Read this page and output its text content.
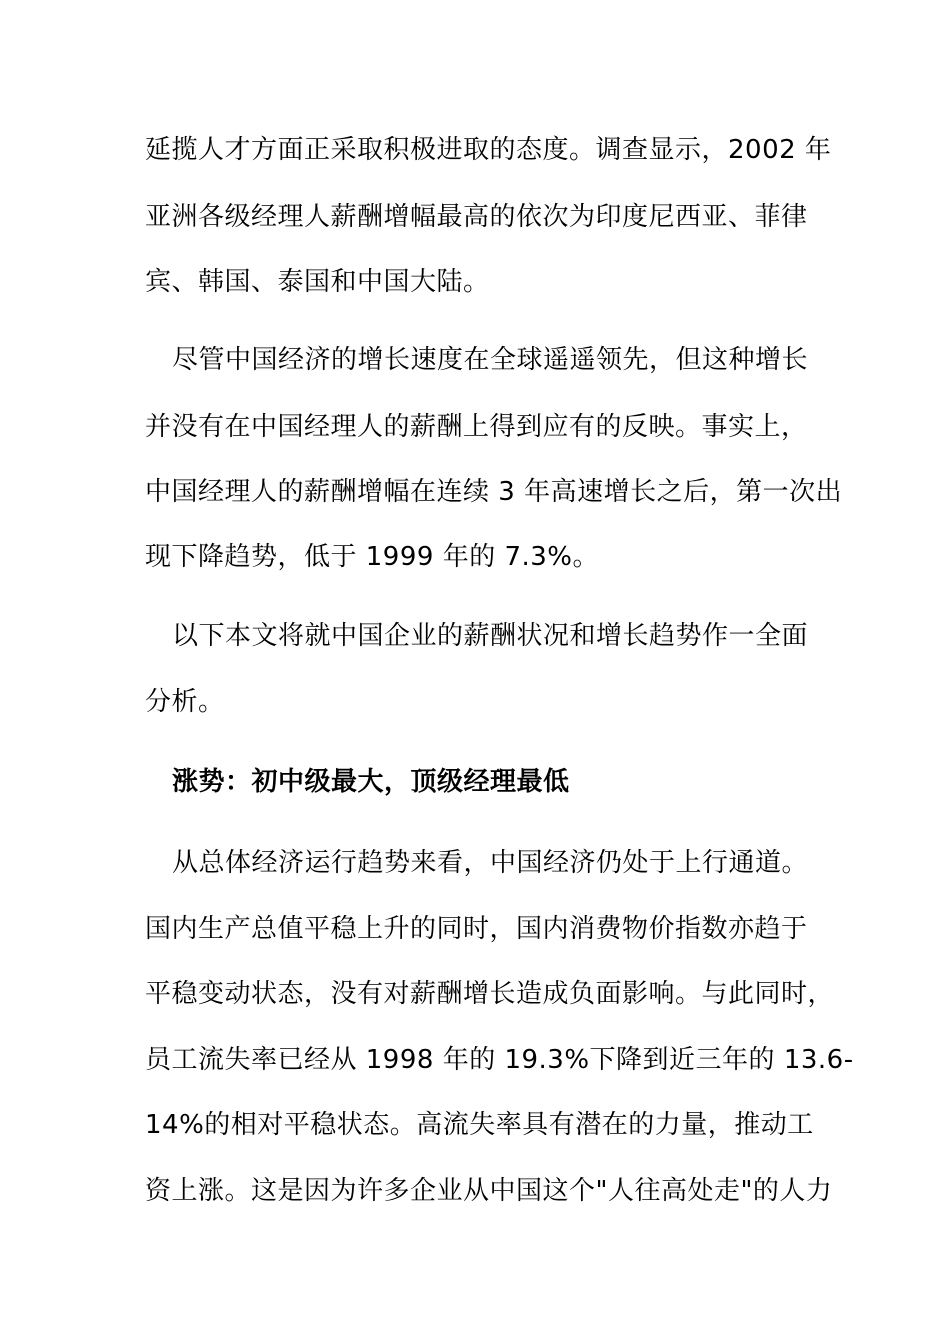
延揽人才方面正采取积极进取的态度。调查显示，2002 年
亚洲各级经理人薪酬增幅最高的依次为印度尼西亚、菲律
宾、韩国、泰国和中国大陆。
尽管中国经济的增长速度在全球遥遥领先，但这种增长
并没有在中国经理人的薪酬上得到应有的反映。事实上，
中国经理人的薪酬增幅在连续 3 年高速增长之后，第一次出
现下降趋势，低于 1999 年的 7.3%。
以下本文将就中国企业的薪酬状况和增长趋势作一全面
分析。
涨势：初中级最大，顶级经理最低
从总体经济运行趋势来看，中国经济仍处于上行通道。
国内生产总值平稳上升的同时，国内消费物价指数亦趋于
平稳变动状态，没有对薪酬增长造成负面影响。与此同时，
员工流失率已经从 1998 年的 19.3%下降到近三年的 13.6-
14%的相对平稳状态。高流失率具有潜在的力量，推动工
资上涨。这是因为许多企业从中国这个"人往高处走"的人力
